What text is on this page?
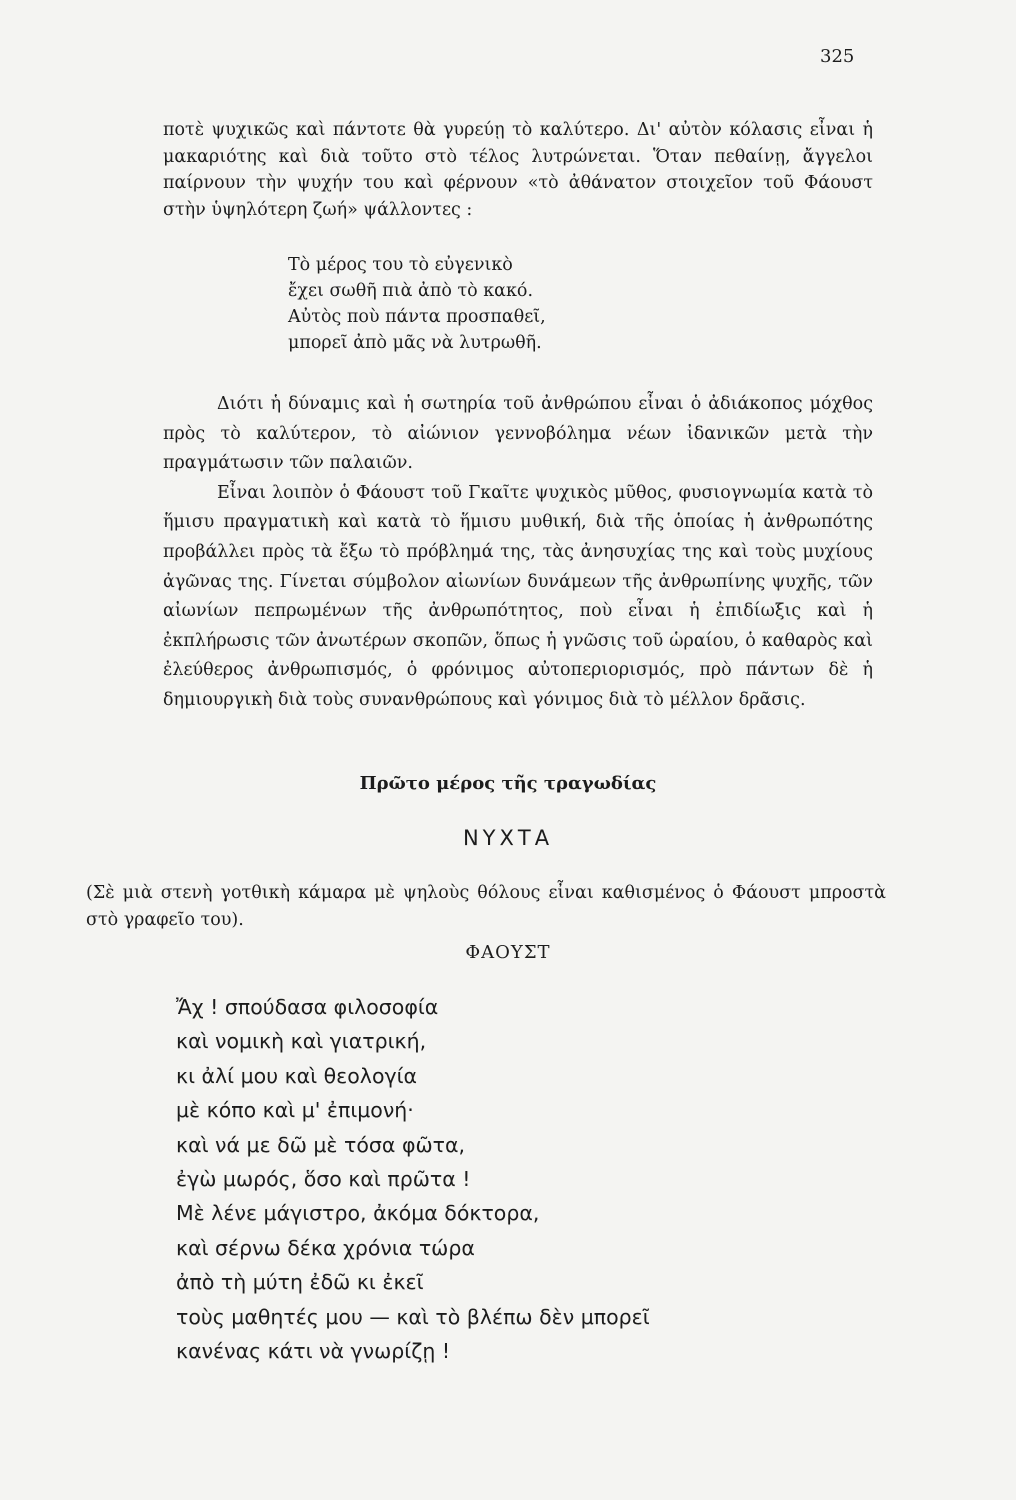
325

ποτὲ ψυχικῶς καὶ πάντοτε θὰ γυρεύῃ τὸ καλύτερο. Δι' αὐτὸν κόλασις εἶναι ἡ μακαριότης καὶ διὰ τοῦτο στὸ τέλος λυτρώνεται. Ὅταν πεθαίνῃ, ἄγγελοι παίρνουν τὴν ψυχήν του καὶ φέρνουν «τὸ ἀθάνατον στοιχεῖον τοῦ Φάουστ στὴν ὑψηλότερη ζωή» ψάλλοντες :

Τὸ μέρος του τὸ εὐγενικὸ
ἔχει σωθῆ πιὰ ἀπὸ τὸ κακό.
Αὐτὸς ποὺ πάντα προσπαθεῖ,
μπορεῖ ἀπὸ μᾶς νὰ λυτρωθῆ.

Διότι ἡ δύναμις καὶ ἡ σωτηρία τοῦ ἀνθρώπου εἶναι ὁ ἀδιάκοπος μόχθος πρὸς τὸ καλύτερον, τὸ αἰώνιον γεννοβόλημα νέων ἰδανικῶν μετὰ τὴν πραγμάτωσιν τῶν παλαιῶν.

Εἶναι λοιπὸν ὁ Φάουστ τοῦ Γκαῖτε ψυχικὸς μῦθος, φυσιογνωμία κατὰ τὸ ἥμισυ πραγματικὴ καὶ κατὰ τὸ ἥμισυ μυθική, διὰ τῆς ὁποίας ἡ ἀνθρωπότης προβάλλει πρὸς τὰ ἔξω τὸ πρόβλημά της, τὰς ἀνησυχίας της καὶ τοὺς μυχίους ἀγῶνας της. Γίνεται σύμβολον αἰωνίων δυνάμεων τῆς ἀνθρωπίνης ψυχῆς, τῶν αἰωνίων πεπρωμένων τῆς ἀνθρωπότητος, ποὺ εἶναι ἡ ἐπιδίωξις καὶ ἡ ἐκπλήρωσις τῶν ἀνωτέρων σκοπῶν, ὅπως ἡ γνῶσις τοῦ ὡραίου, ὁ καθαρὸς καὶ ἐλεύθερος ἀνθρωπισμός, ὁ φρόνιμος αὐτοπεριορισμός, πρὸ πάντων δὲ ἡ δημιουργικὴ διὰ τοὺς συνανθρώπους καὶ γόνιμος διὰ τὸ μέλλον δρᾶσις.

Πρῶτο μέρος τῆς τραγωδίας
ΝΥΧΤΑ

(Σὲ μιὰ στενὴ γοτθικὴ κάμαρα μὲ ψηλοὺς θόλους εἶναι καθισμένος ὁ Φάουστ μπροστὰ στὸ γραφεῖο του).

ΦΑΟΥΣΤ
Ἄχ ! σπούδασα φιλοσοφία
καὶ νομικὴ καὶ γιατρική,
κι ἀλί μου καὶ θεολογία
μὲ κόπο καὶ μ' ἐπιμονή·
καὶ νά με δῶ μὲ τόσα φῶτα,
ἐγὼ μωρός, ὅσο καὶ πρῶτα !
Μὲ λένε μάγιστρο, ἀκόμα δόκτορα,
καὶ σέρνω δέκα χρόνια τώρα
ἀπὸ τὴ μύτη ἐδῶ κι ἐκεῖ
τοὺς μαθητές μου — καὶ τὸ βλέπω δὲν μπορεῖ
κανένας κάτι νὰ γνωρίζῃ !
